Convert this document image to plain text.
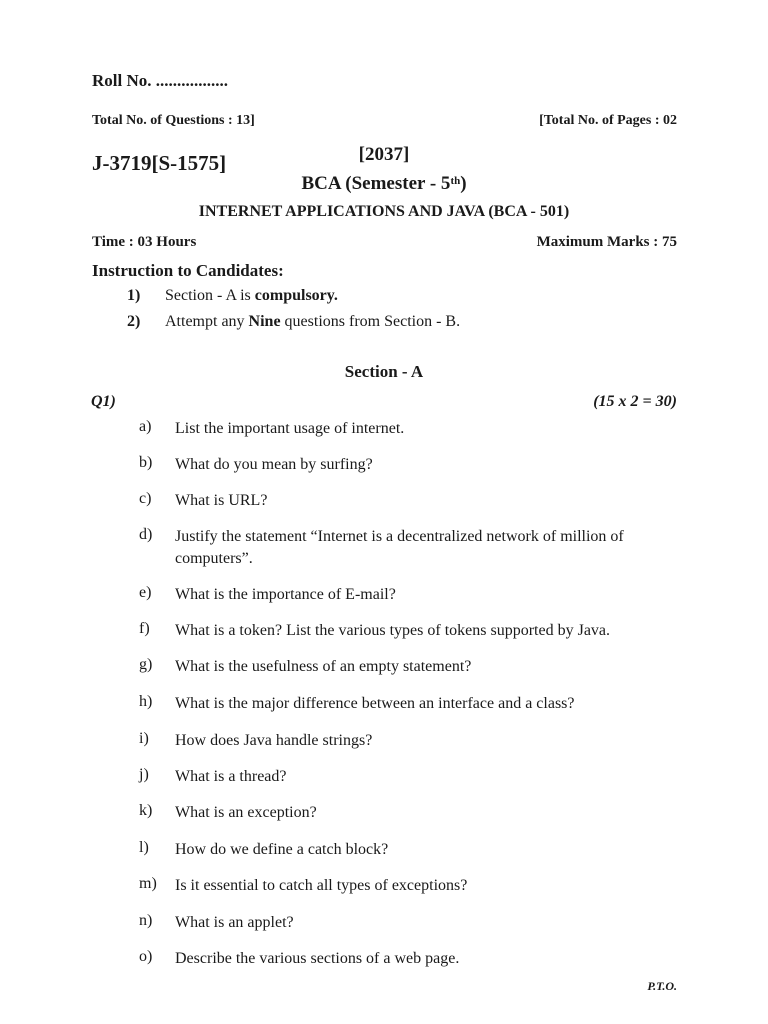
Roll No. .................
Total No. of Questions : 13]	[Total No. of Pages : 02
J-3719[S-1575]	[2037]
BCA (Semester - 5th)
INTERNET APPLICATIONS AND JAVA (BCA - 501)
Time : 03 Hours	Maximum Marks : 75
Instruction to Candidates:
1) Section - A is compulsory.
2) Attempt any Nine questions from Section - B.
Section - A
Q1)	(15 x 2 = 30)
a) List the important usage of internet.
b) What do you mean by surfing?
c) What is URL?
d) Justify the statement “Internet is a decentralized network of million of computers”.
e) What is the importance of E-mail?
f) What is a token? List the various types of tokens supported by Java.
g) What is the usefulness of an empty statement?
h) What is the major difference between an interface and a class?
i) How does Java handle strings?
j) What is a thread?
k) What is an exception?
l) How do we define a catch block?
m) Is it essential to catch all types of exceptions?
n) What is an applet?
o) Describe the various sections of a web page.
P.T.O.
